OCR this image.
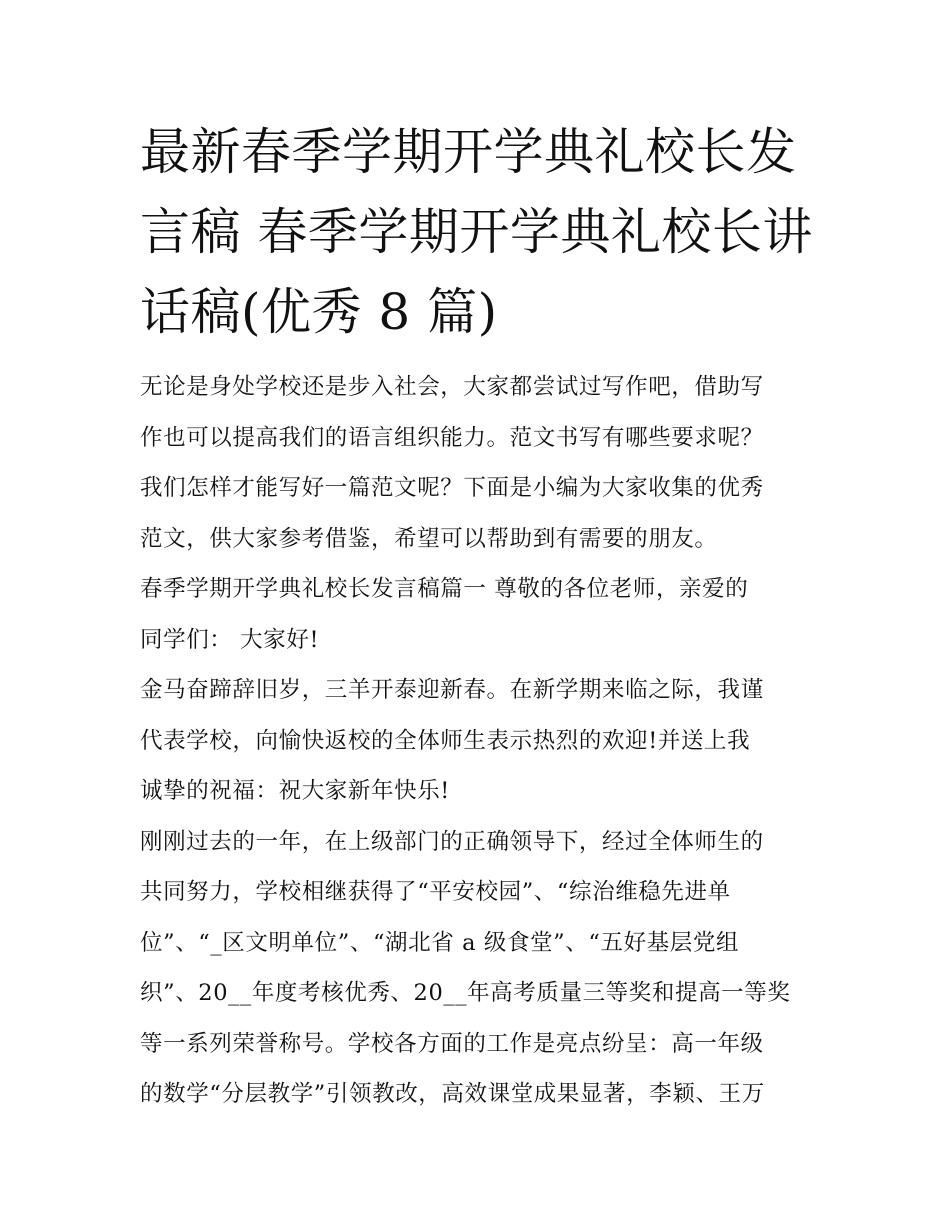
最新春季学期开学典礼校长发
言稿 春季学期开学典礼校长讲
话稿(优秀 8 篇)
无论是身处学校还是步入社会，大家都尝试过写作吧，借助写
作也可以提高我们的语言组织能力。范文书写有哪些要求呢？
我们怎样才能写好一篇范文呢？下面是小编为大家收集的优秀
范文，供大家参考借鉴，希望可以帮助到有需要的朋友。
春季学期开学典礼校长发言稿篇一 尊敬的各位老师，亲爱的
同学们： 大家好!
金马奋蹄辞旧岁，三羊开泰迎新春。在新学期来临之际，我谨
代表学校，向愉快返校的全体师生表示热烈的欢迎!并送上我
诚挚的祝福：祝大家新年快乐!
刚刚过去的一年，在上级部门的正确领导下，经过全体师生的
共同努力，学校相继获得了“平安校园”、“综治维稳先进单
位”、“_区文明单位”、“湖北省 a 级食堂”、“五好基层党组
织”、20__年度考核优秀、20__年高考质量三等奖和提高一等奖
等一系列荣誉称号。学校各方面的工作是亮点纷呈：高一年级
的数学“分层教学”引领教改，高效课堂成果显著，李颖、王万
